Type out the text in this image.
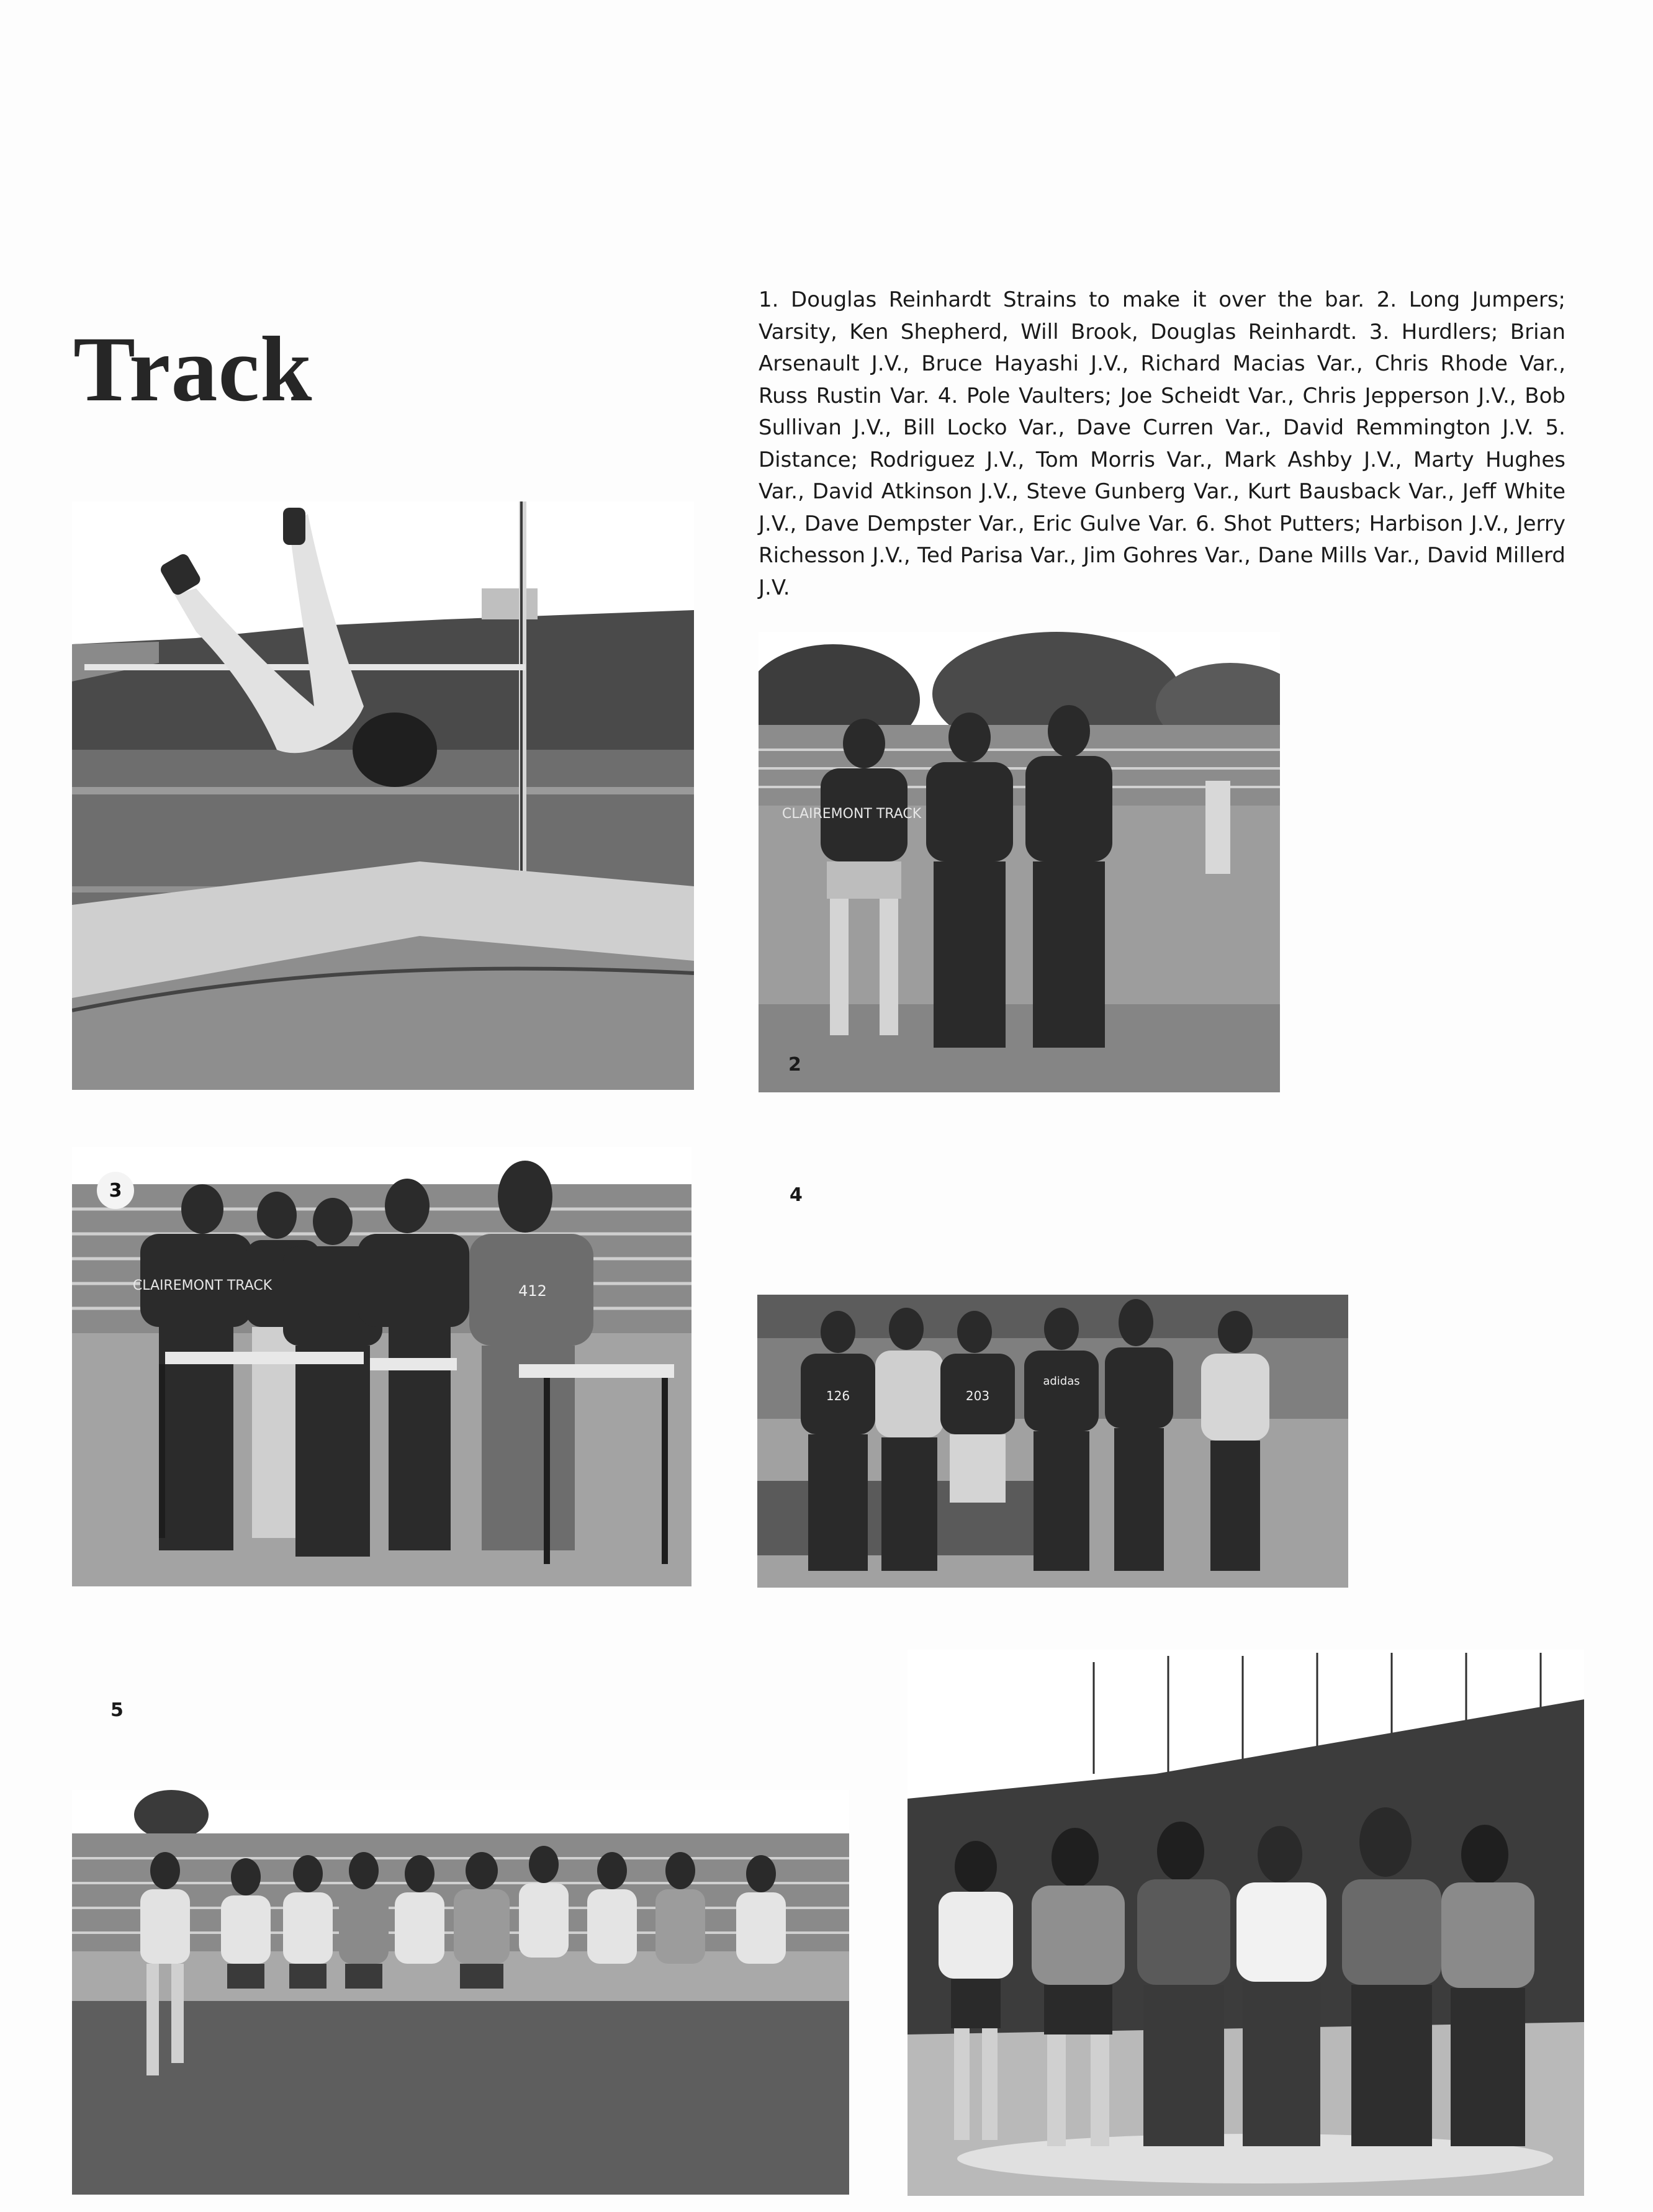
Track
1. Douglas Reinhardt Strains to make it over the bar. 2. Long Jumpers; Varsity, Ken Shepherd, Will Brook, Douglas Reinhardt. 3. Hurdlers; Brian Arsenault J.V., Bruce Hayashi J.V., Richard Macias Var., Chris Rhode Var., Russ Rustin Var. 4. Pole Vaulters; Joe Scheidt Var., Chris Jepperson J.V., Bob Sullivan J.V., Bill Locko Var., Dave Curren Var., David Remmington J.V. 5. Distance; Rodriguez J.V., Tom Morris Var., Mark Ashby J.V., Marty Hughes Var., David Atkinson J.V., Steve Gunberg Var., Kurt Bausback Var., Jeff White J.V., Dave Dempster Var., Eric Gulve Var. 6. Shot Putters; Harbison J.V., Jerry Richesson J.V., Ted Parisa Var., Jim Gohres Var., Dane Mills Var., David Millerd J.V.
CLAIREMONT TRACK
2
CLAIREMONT TRACK	412
3	4
126	203
adidas
5
